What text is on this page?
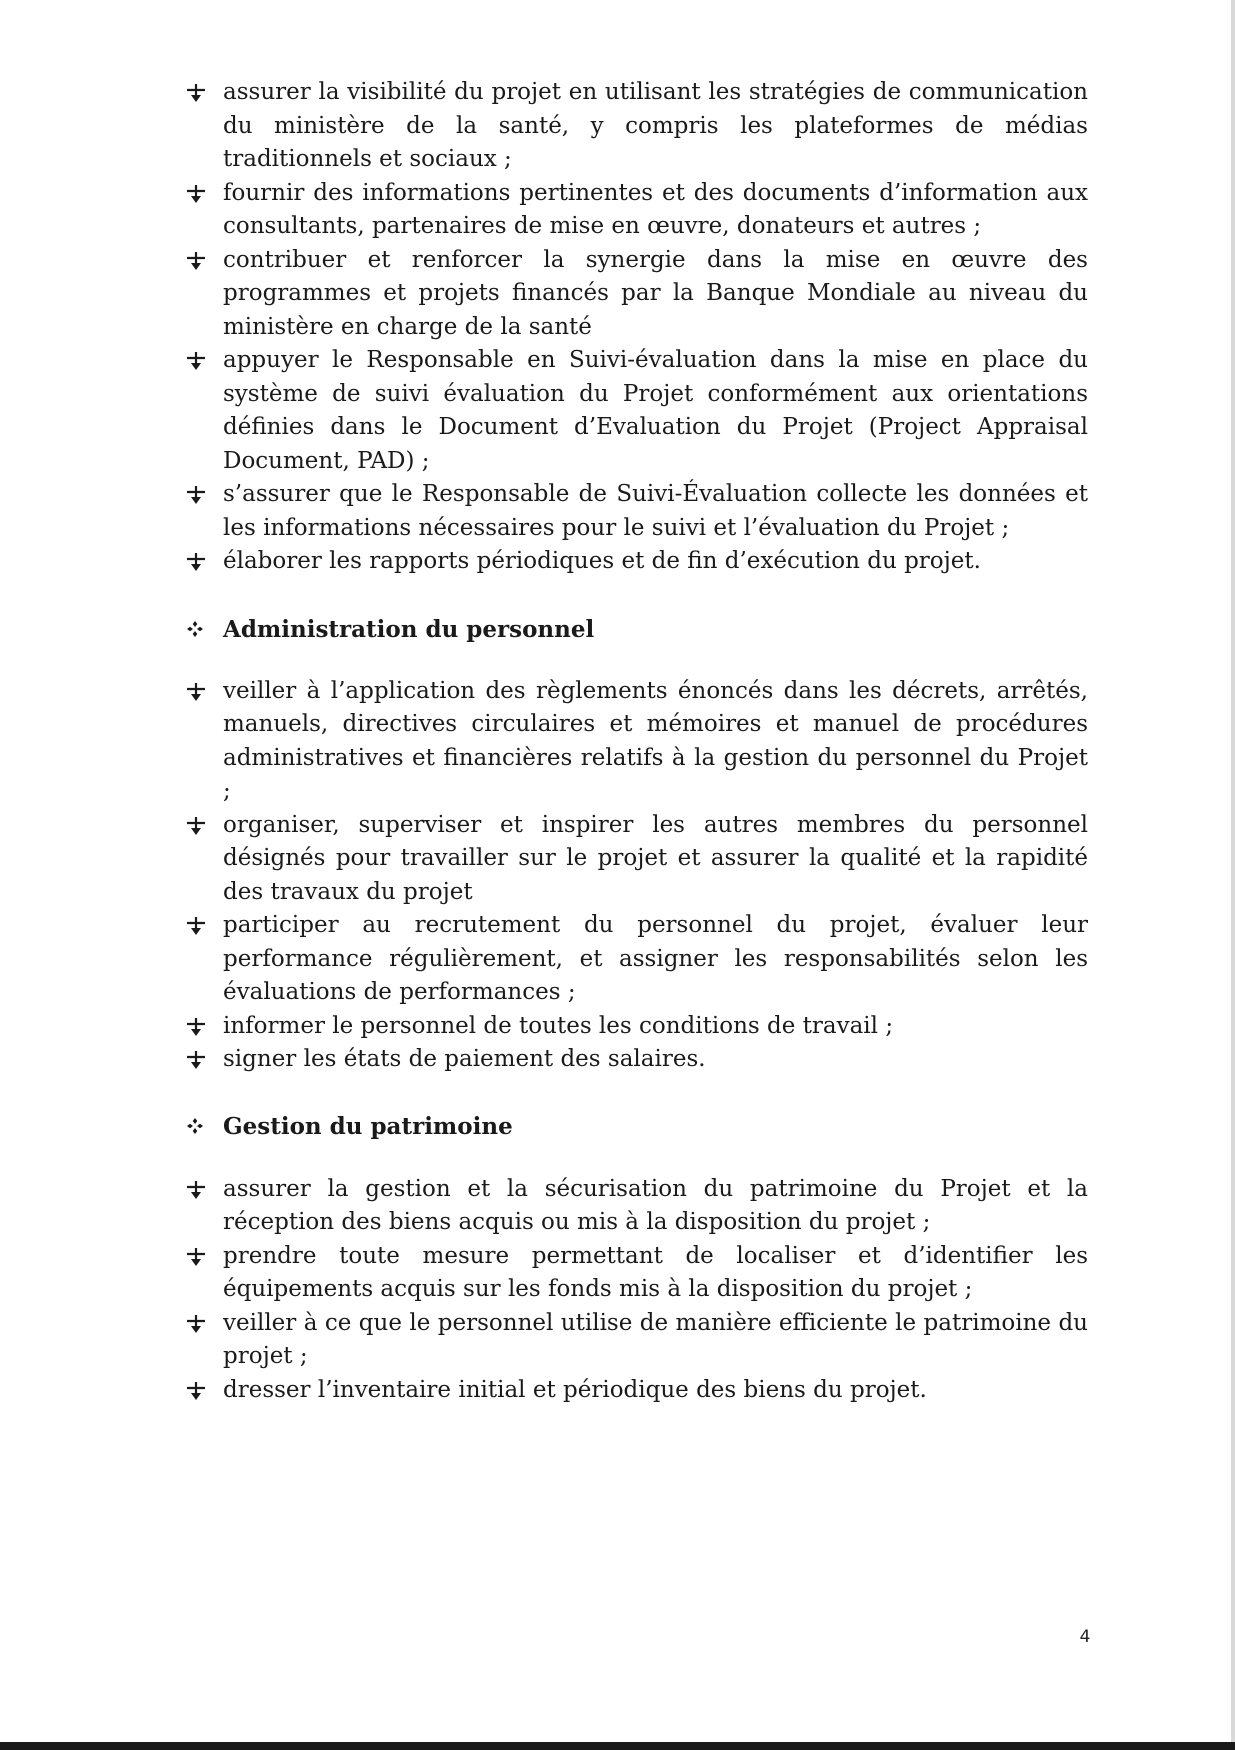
assurer la visibilité du projet en utilisant les stratégies de communication du ministère de la santé, y compris les plateformes de médias traditionnels et sociaux ;
fournir des informations pertinentes et des documents d’information aux consultants, partenaires de mise en œuvre, donateurs et autres ;
contribuer et renforcer la synergie dans la mise en œuvre des programmes et projets financés par la Banque Mondiale au niveau du ministère en charge de la santé
appuyer le Responsable en Suivi-évaluation dans la mise en place du système de suivi évaluation du Projet conformément aux orientations définies dans le Document d’Evaluation du Projet (Project Appraisal Document, PAD) ;
s’assurer que le Responsable de Suivi-Évaluation collecte les données et les informations nécessaires pour le suivi et l’évaluation du Projet ;
élaborer les rapports périodiques et de fin d’exécution du projet.
Administration du personnel
veiller à l’application des règlements énoncés dans les décrets, arrêtés, manuels, directives circulaires et mémoires et manuel de procédures administratives et financières relatifs à la gestion du personnel du Projet ;
organiser, superviser et inspirer les autres membres du personnel désignés pour travailler sur le projet et assurer la qualité et la rapidité des travaux du projet
participer au recrutement du personnel du projet, évaluer leur performance régulièrement, et assigner les responsabilités selon les évaluations de performances ;
informer le personnel de toutes les conditions de travail ;
signer les états de paiement des salaires.
Gestion du patrimoine
assurer la gestion et la sécurisation du patrimoine du Projet et la réception des biens acquis ou mis à la disposition du projet ;
prendre toute mesure permettant de localiser et d’identifier les équipements acquis sur les fonds mis à la disposition du projet ;
veiller à ce que le personnel utilise de manière efficiente le patrimoine du projet ;
dresser l’inventaire initial et périodique des biens du projet.
4
